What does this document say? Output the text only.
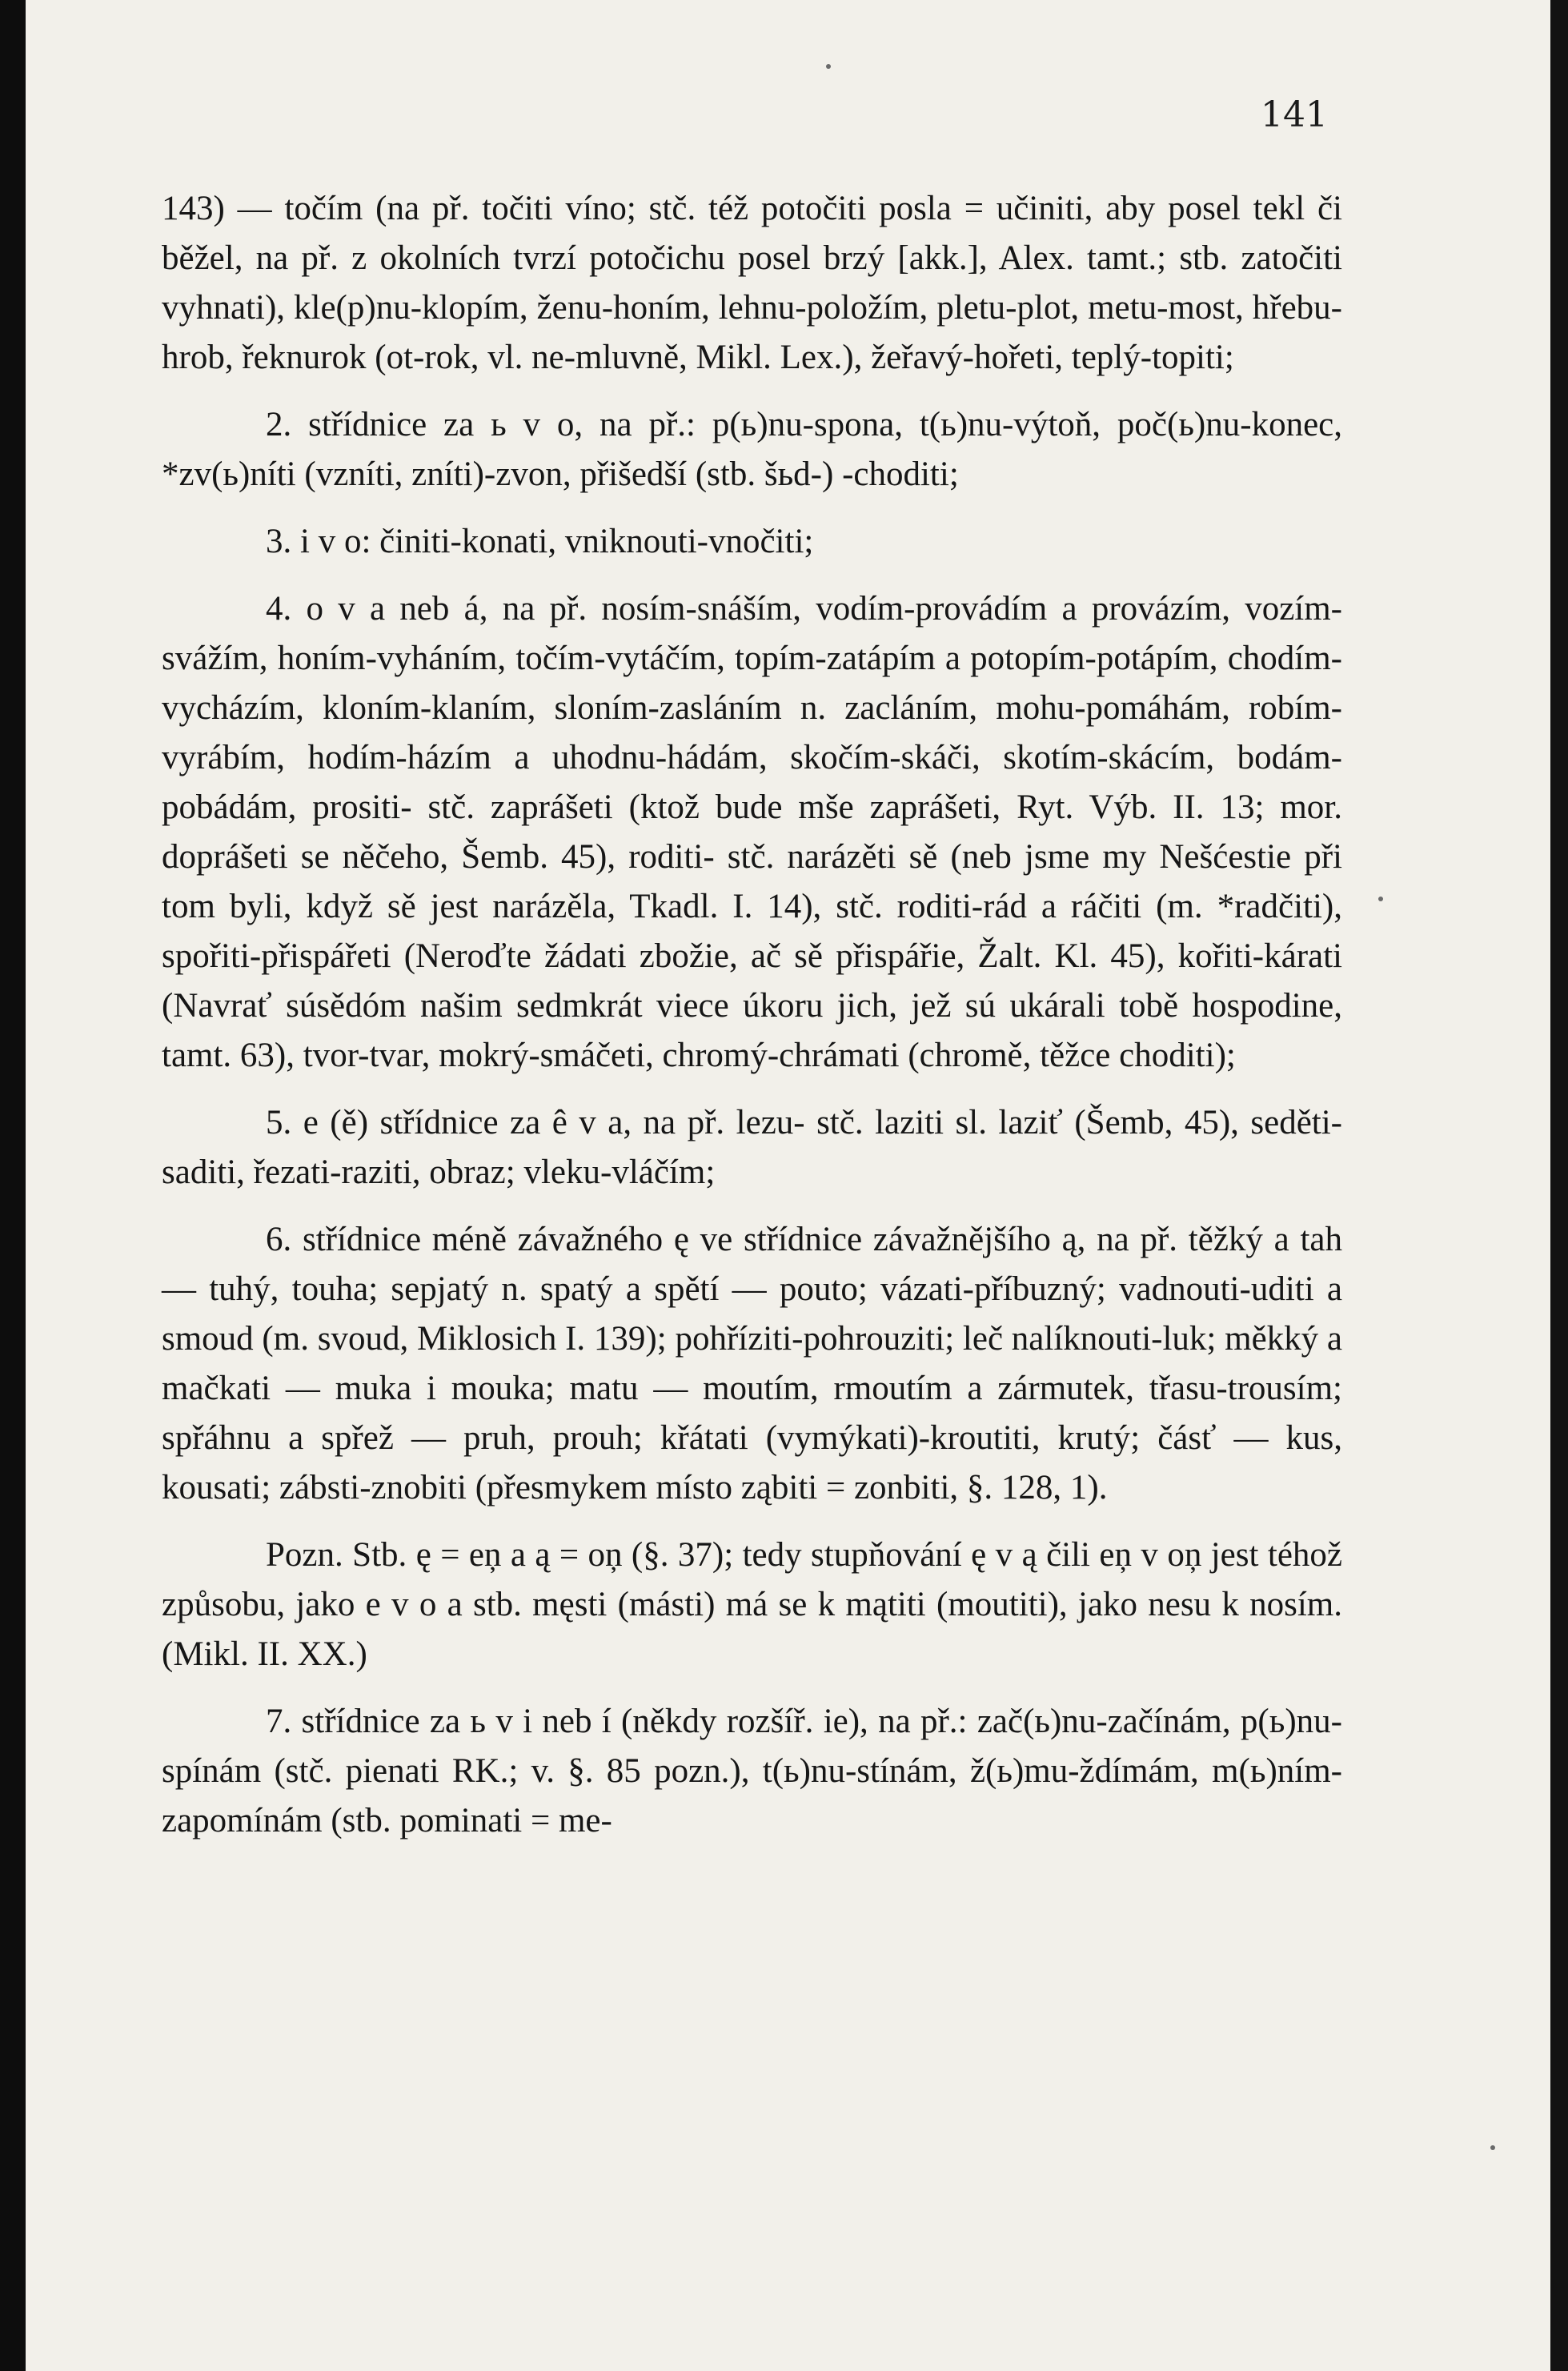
141

143) — točím (na př. točiti víno; stč. též potočiti posla = učiniti, aby posel tekl či běžel, na př. z okolních tvrzí potočichu posel brzý [akk.], Alex. tamt.; stb. zatočiti vyhnati), kle(p)nu-klopím, ženu-honím, lehnu-položím, pletu-plot, metu-most, hřebu-hrob, řeknurok (ot-rok, vl. ne-mluvně, Mikl. Lex.), žeřavý-hořeti, teplý-topiti;

2. střídnice za ь v o, na př.: p(ь)nu-spona, t(ь)nu-výtoň, poč(ь)nu-konec, *zv(ь)níti (vzníti, zníti)-zvon, přišedší (stb. šьd-) -choditi;

3. i v o: činiti-konati, vniknouti-vnočiti;

4. o v a neb á, na př. nosím-snáším, vodím-provádím a provázím, vozím-svážím, honím-vyháním, točím-vytáčím, topím-zatápím a potopím-potápím, chodím-vycházím, kloním-klaním, sloním-zasláním n. zacláním, mohu-pomáhám, robím-vyrábím, hodím-házím a uhodnu-hádám, skočím-skáči, skotím-skácím, bodám-pobádám, prositi- stč. zaprášeti (ktož bude mše zaprášeti, Ryt. Výb. II. 13; mor. doprášeti se něčeho, Šemb. 45), roditi- stč. narázěti sě (neb jsme my Nešćestie při tom byli, když sě jest narázěla, Tkadl. I. 14), stč. roditi-rád a ráčiti (m. *radčiti), spořiti-přispářeti (Neroďte žádati zbožie, ač sě přispářie, Žalt. Kl. 45), kořiti-kárati (Navrať súsědóm našim sedmkrát viece úkoru jich, jež sú ukárali tobě hospodine, tamt. 63), tvor-tvar, mokrý-smáčeti, chromý-chrámati (chromě, těžce choditi);

5. e (ě) střídnice za ê v a, na př. lezu- stč. laziti sl. laziť (Šemb, 45), seděti-saditi, řezati-raziti, obraz; vleku-vláčím;

6. střídnice méně závažného ę ve střídnice závažnějšího ą, na př. těžký a tah — tuhý, touha; sepjatý n. spatý a spětí — pouto; vázati-příbuzný; vadnouti-uditi a smoud (m. svoud, Miklosich I. 139); pohříziti-pohrouziti; leč nalíknouti-luk; měkký a mačkati — muka i mouka; matu — moutím, rmoutím a zármutek, třasu-trousím; spřáhnu a spřež — pruh, prouh; křátati (vymýkati)-kroutiti, krutý; čásť — kus, kousati; zábsti-znobiti (přesmykem místo ząbiti = zonbiti, §. 128, 1).

Pozn. Stb. ę = eņ a ą = oņ (§. 37); tedy stupňování ę v ą čili eņ v oņ jest téhož způsobu, jako e v o a stb. męsti (másti) má se k mątiti (moutiti), jako nesu k nosím. (Mikl. II. XX.)

7. střídnice za ь v i neb í (někdy rozšíř. ie), na př.: zač(ь)nu-začínám, p(ь)nu-spínám (stč. pienati RK.; v. §. 85 pozn.), t(ь)nu-stínám, ž(ь)mu-ždímám, m(ь)ním-zapomínám (stb. pominati = me-
